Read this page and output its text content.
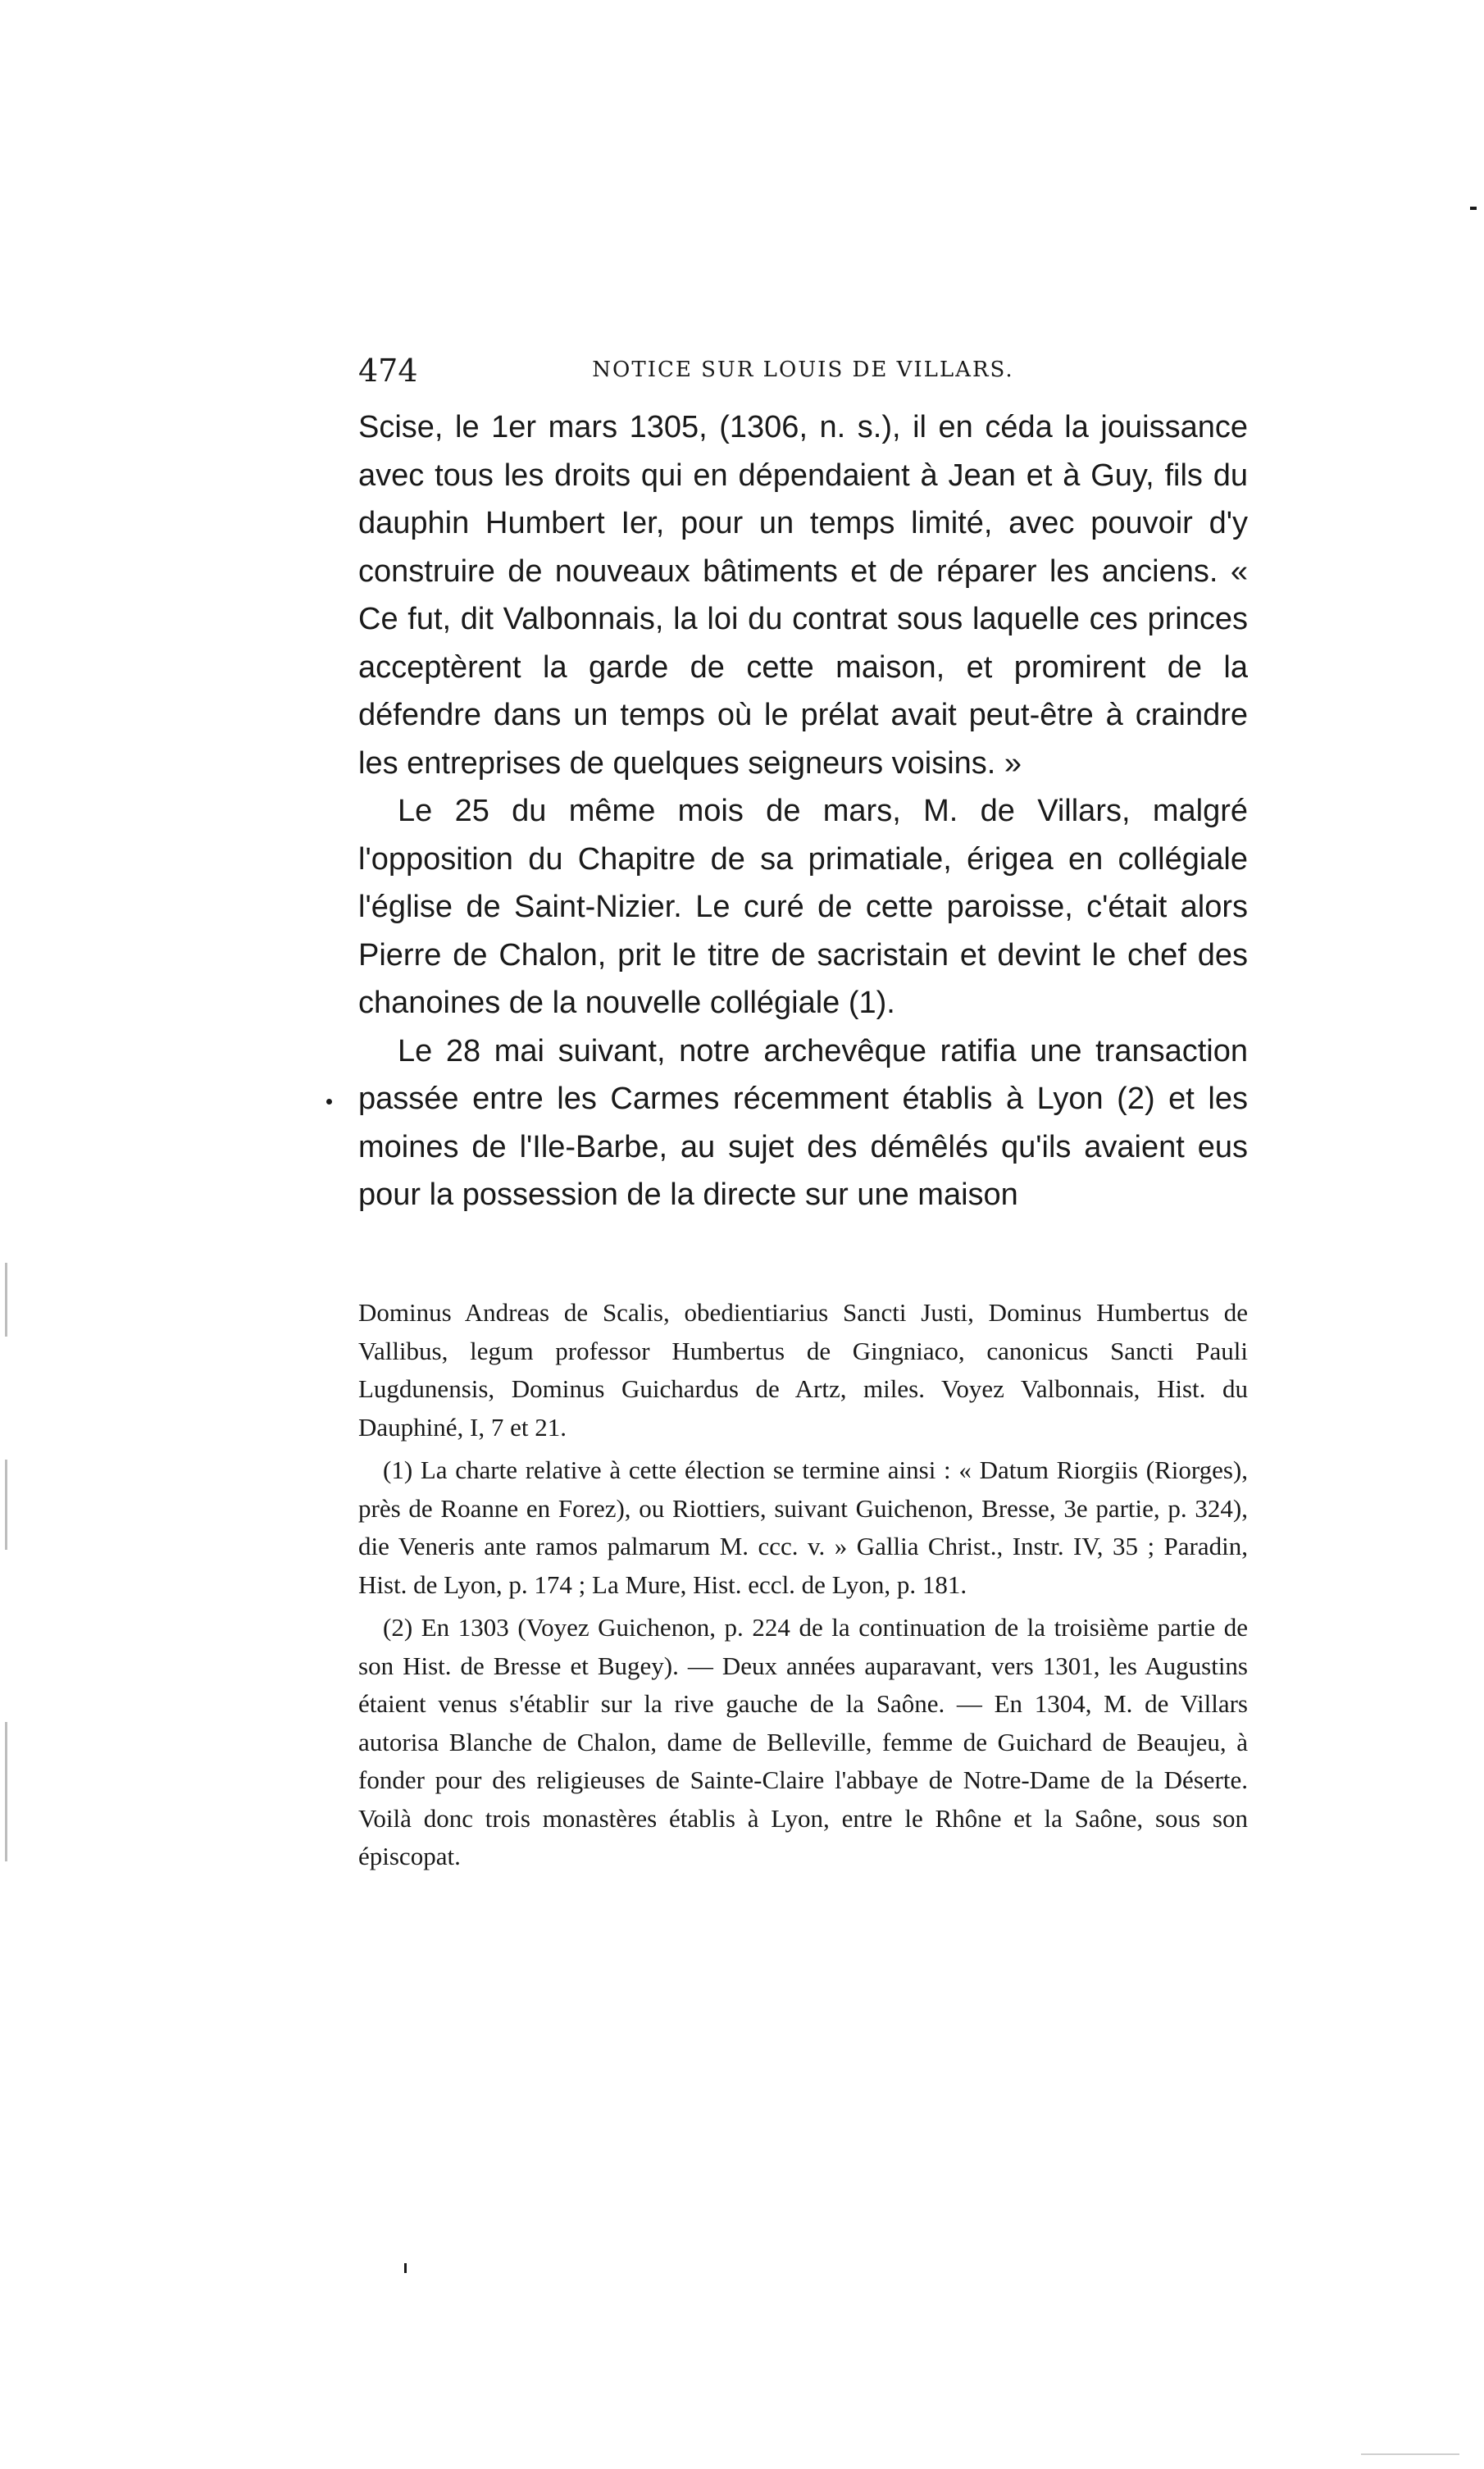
474	NOTICE SUR LOUIS DE VILLARS.

Scise, le 1er mars 1305, (1306, n. s.), il en céda la jouissance avec tous les droits qui en dépendaient à Jean et à Guy, fils du dauphin Humbert Ier, pour un temps limité, avec pouvoir d'y construire de nouveaux bâtiments et de réparer les anciens. « Ce fut, dit Valbonnais, la loi du contrat sous laquelle ces princes acceptèrent la garde de cette maison, et promirent de la défendre dans un temps où le prélat avait peut-être à craindre les entreprises de quelques seigneurs voisins. »

Le 25 du même mois de mars, M. de Villars, malgré l'opposition du Chapitre de sa primatiale, érigea en collégiale l'église de Saint-Nizier. Le curé de cette paroisse, c'était alors Pierre de Chalon, prit le titre de sacristain et devint le chef des chanoines de la nouvelle collégiale (1).

Le 28 mai suivant, notre archevêque ratifia une transaction passée entre les Carmes récemment établis à Lyon (2) et les moines de l'Ile-Barbe, au sujet des démêlés qu'ils avaient eus pour la possession de la directe sur une maison

Dominus Andreas de Scalis, obedientiarius Sancti Justi, Dominus Humbertus de Vallibus, legum professor Humbertus de Gingniaco, canonicus Sancti Pauli Lugdunensis, Dominus Guichardus de Artz, miles. Voyez Valbonnais, Hist. du Dauphiné, I, 7 et 21.

(1) La charte relative à cette élection se termine ainsi : « Datum Riorgiis (Riorges), près de Roanne en Forez), ou Riottiers, suivant Guichenon, Bresse, 3e partie, p. 324), die Veneris ante ramos palmarum M. ccc. v. » Gallia Christ., Instr. IV, 35 ; Paradin, Hist. de Lyon, p. 174 ; La Mure, Hist. eccl. de Lyon, p. 181.

(2) En 1303 (Voyez Guichenon, p. 224 de la continuation de la troisième partie de son Hist. de Bresse et Bugey). — Deux années auparavant, vers 1301, les Augustins étaient venus s'établir sur la rive gauche de la Saône. — En 1304, M. de Villars autorisa Blanche de Chalon, dame de Belleville, femme de Guichard de Beaujeu, à fonder pour des religieuses de Sainte-Claire l'abbaye de Notre-Dame de la Déserte. Voilà donc trois monastères établis à Lyon, entre le Rhône et la Saône, sous son épiscopat.
